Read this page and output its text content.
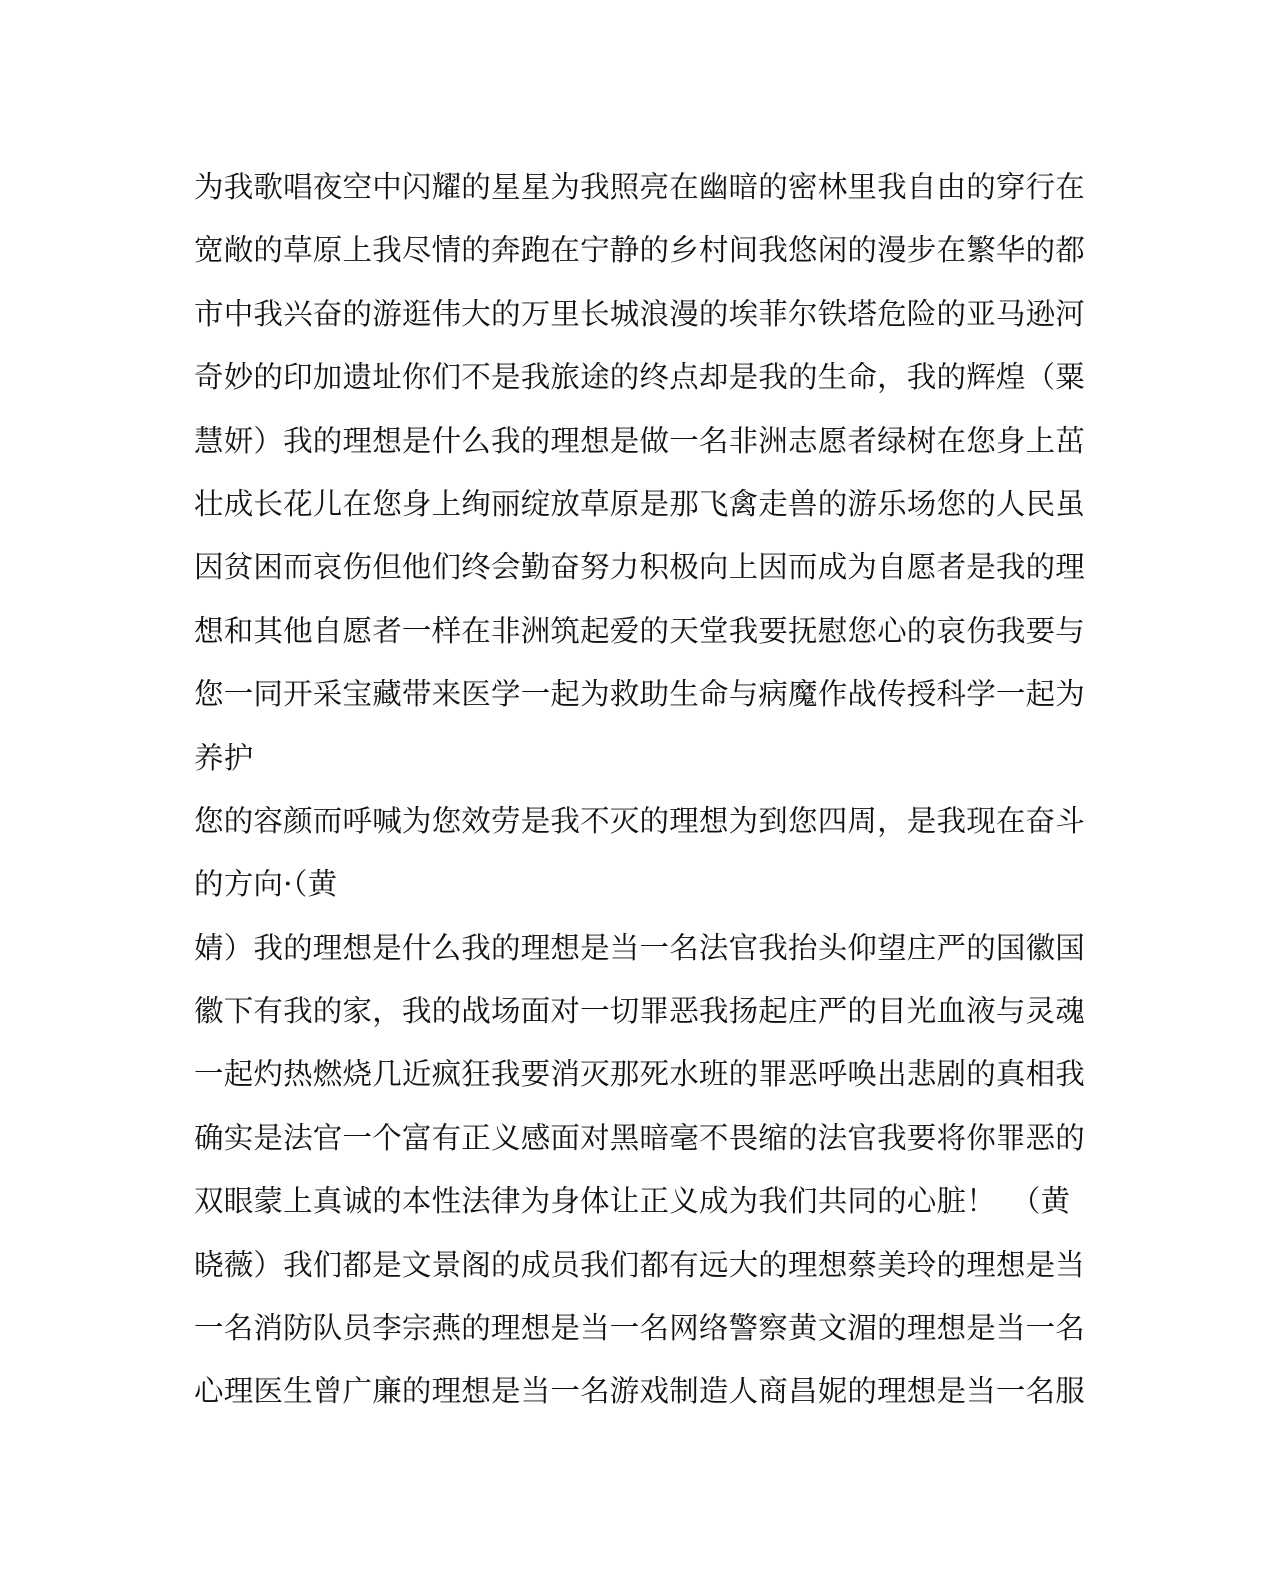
为我歌唱夜空中闪耀的星星为我照亮在幽暗的密林里我自由的穿行在
宽敞的草原上我尽情的奔跑在宁静的乡村间我悠闲的漫步在繁华的都
市中我兴奋的游逛伟大的万里长城浪漫的埃菲尔铁塔危险的亚马逊河
奇妙的印加遗址你们不是我旅途的终点却是我的生命，我的辉煌（粟
慧妍）我的理想是什么我的理想是做一名非洲志愿者绿树在您身上茁
壮成长花儿在您身上绚丽绽放草原是那飞禽走兽的游乐场您的人民虽
因贫困而哀伤但他们终会勤奋努力积极向上因而成为自愿者是我的理
想和其他自愿者一样在非洲筑起爱的天堂我要抚慰您心的哀伤我要与
您一同开采宝藏带来医学一起为救助生命与病魔作战传授科学一起为
养护
您的容颜而呼喊为您效劳是我不灭的理想为到您四周，是我现在奋斗
的方向·（黄
婧）我的理想是什么我的理想是当一名法官我抬头仰望庄严的国徽国
徽下有我的家，我的战场面对一切罪恶我扬起庄严的目光血液与灵魂
一起灼热燃烧几近疯狂我要消灭那死水班的罪恶呼唤出悲剧的真相我
确实是法官一个富有正义感面对黑暗毫不畏缩的法官我要将你罪恶的
双眼蒙上真诚的本性法律为身体让正义成为我们共同的心脏！　（黄
晓薇）我们都是文景阁的成员我们都有远大的理想蔡美玲的理想是当
一名消防队员李宗燕的理想是当一名网络警察黄文湄的理想是当一名
心理医生曾广廉的理想是当一名游戏制造人商昌妮的理想是当一名服
